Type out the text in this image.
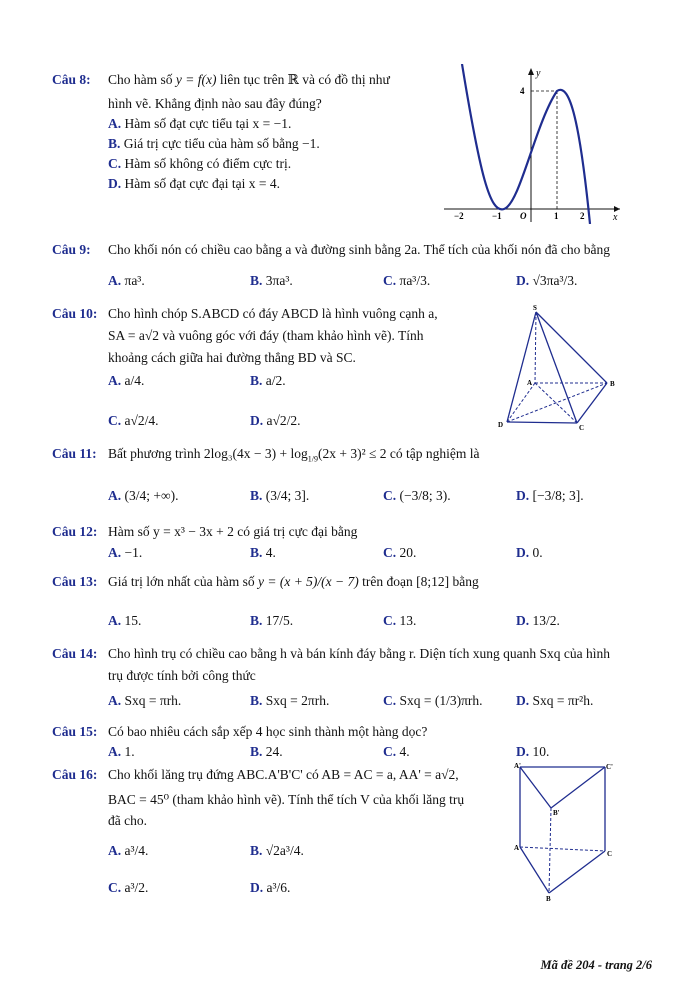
Câu 8: Cho hàm số y = f(x) liên tục trên ℝ và có đồ thị như
hình vẽ. Khẳng định nào sau đây đúng?
A. Hàm số đạt cực tiểu tại x = −1.
B. Giá trị cực tiểu của hàm số bằng −1.
C. Hàm số không có điểm cực trị.
D. Hàm số đạt cực đại tại x = 4.
y
x
4
−2	−1 O	1 2
Câu 9: Cho khối nón có chiều cao bằng a và đường sinh bằng 2a. Thể tích của khối nón đã cho bằng
A. πa³.	B. 3πa³.	C. πa³/3.	D. √3πa³/3.
Câu 10: Cho hình chóp S.ABCD có đáy ABCD là hình vuông cạnh a,
SA = a√2 và vuông góc với đáy (tham khảo hình vẽ). Tính
khoảng cách giữa hai đường thẳng BD và SC.
A. a/4.	B. a/2.
C. a√2/4.	D. a√2/2.
S
A	B
C
D
Câu 11: Bất phương trình $2\log_3(4x - 3) + \log_{1/9}(2x + 3)^2 \le 2$ có tập nghiệm là
A. (3/4; +∞).	B. (3/4; 3].	C. (−3/8; 3).	D. [−3/8; 3].
Câu 12: Hàm số y = x³ − 3x + 2 có giá trị cực đại bằng
A. −1.	B. 4.	C. 20.	D. 0.
Câu 13: Giá trị lớn nhất của hàm số y = (x + 5)/(x − 7) trên đoạn [8;12] bằng
A. 15.	B. 17/5.	C. 13.	D. 13/2.
Câu 14: Cho hình trụ có chiều cao bằng h và bán kính đáy bằng r. Diện tích xung quanh Sxq của hình
trụ được tính bởi công thức
A. Sxq = πrh.	B. Sxq = 2πrh.	C. Sxq = (1/3)πrh. D. Sxq = πr²h.
Câu 15: Có bao nhiêu cách sắp xếp 4 học sinh thành một hàng dọc?
A. 1.	B. 24.	C. 4.	D. 10.
Câu 16: Cho khối lăng trụ đứng ABC.A'B'C' có AB = AC = a, AA' = a√2,
BAC = 45⁰ (tham khảo hình vẽ). Tính thể tích V của khối lăng trụ
đã cho.
A. a³/4.	B. √2a³/4.
C. a³/2.	D. a³/6.
A'
B'
C'
A
B
C
Mã đề 204 - trang 2/6
